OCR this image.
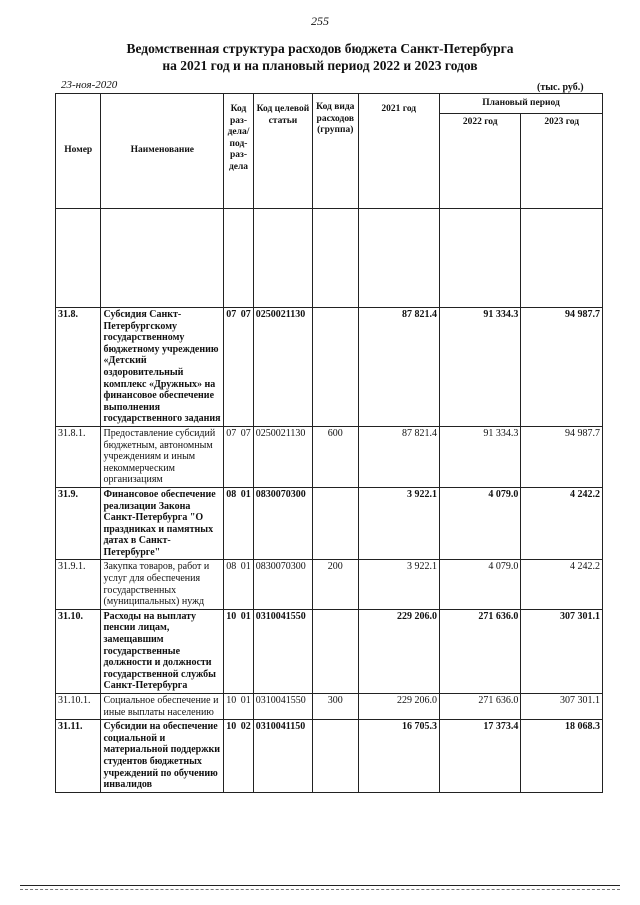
255
Ведомственная структура расходов бюджета Санкт-Петербурга
на 2021 год и на плановый период 2022 и 2023 годов
23-ноя-2020	(тыс. руб.)
Номер	Наименование	Код раз- дела/ под- раз- дела		Код целевой статьи	Код вида расходов (группа)	2021 год	Плановый период	
							2022 год	2023 год

31.8.	Субсидия Санкт-Петербургскому государственному бюджетному учреждению «Детский оздоровительный комплекс «Дружных» на финансовое обеспечение выполнения государственного задания	07	07	0250021130		87 821.4	91 334.3	94 987.7
31.8.1.	Предоставление субсидий бюджетным, автономным учреждениям и иным некоммерческим организациям	07	07	0250021130	600	87 821.4	91 334.3	94 987.7
31.9.	Финансовое обеспечение реализации Закона Санкт-Петербурга "О праздниках и памятных датах в Санкт-Петербурге"	08	01	0830070300		3 922.1	4 079.0	4 242.2
31.9.1.	Закупка товаров, работ и услуг для обеспечения государственных (муниципальных) нужд	08	01	0830070300	200	3 922.1	4 079.0	4 242.2
31.10.	Расходы на выплату пенсии лицам, замещавшим государственные должности и должности государственной службы Санкт-Петербурга	10	01	0310041550		229 206.0	271 636.0	307 301.1
31.10.1.	Социальное обеспечение и иные выплаты населению	10	01	0310041550	300	229 206.0	271 636.0	307 301.1
31.11.	Субсидии на обеспечение социальной и материальной поддержки студентов бюджетных учреждений по обучению инвалидов	10	02	0310041150		16 705.3	17 373.4	18 068.3
